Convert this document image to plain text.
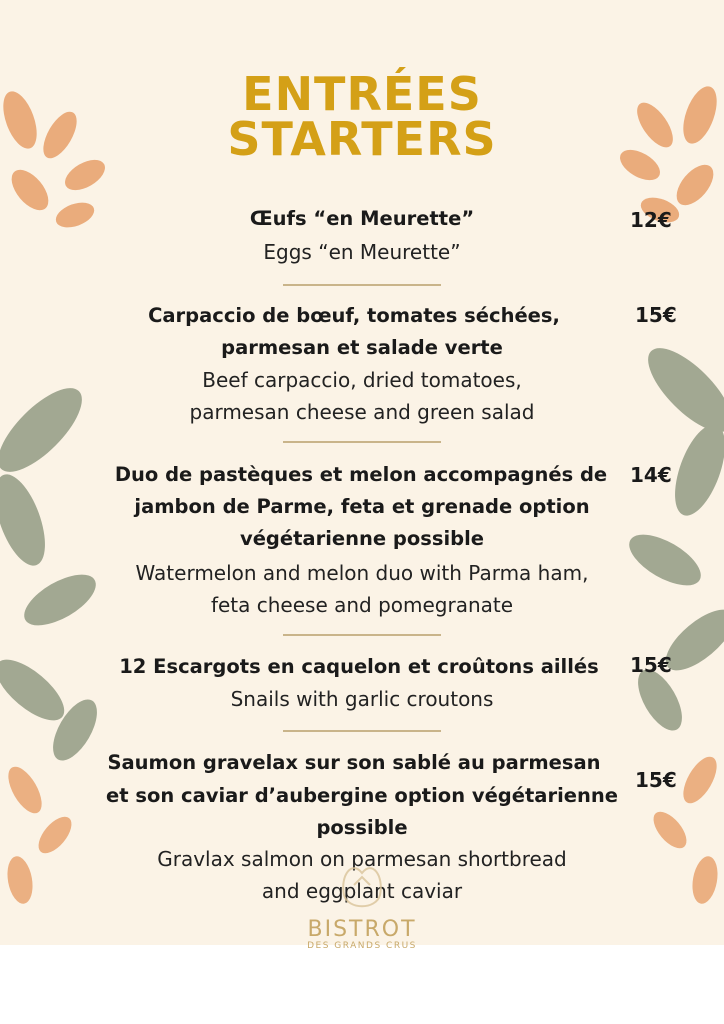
ENTRÉES
STARTERS
Œufs “en Meurette”
Eggs “en Meurette”
12€
Carpaccio de bœuf, tomates séchées,
parmesan et salade verte
Beef carpaccio, dried tomatoes,
parmesan cheese and green salad
15€
Duo de pastèques et melon accompagnés de
jambon de Parme, feta et grenade option
végétarienne possible
Watermelon and melon duo with Parma ham,
feta cheese and pomegranate
14€
12 Escargots en caquelon et croûtons aillés
Snails with garlic croutons
15€
Saumon gravelax sur son sablé au parmesan
et son caviar d’aubergine option végétarienne
possible
Gravlax salmon on parmesan shortbread
and eggplant caviar
15€
BISTROT
DES GRANDS CRUS
